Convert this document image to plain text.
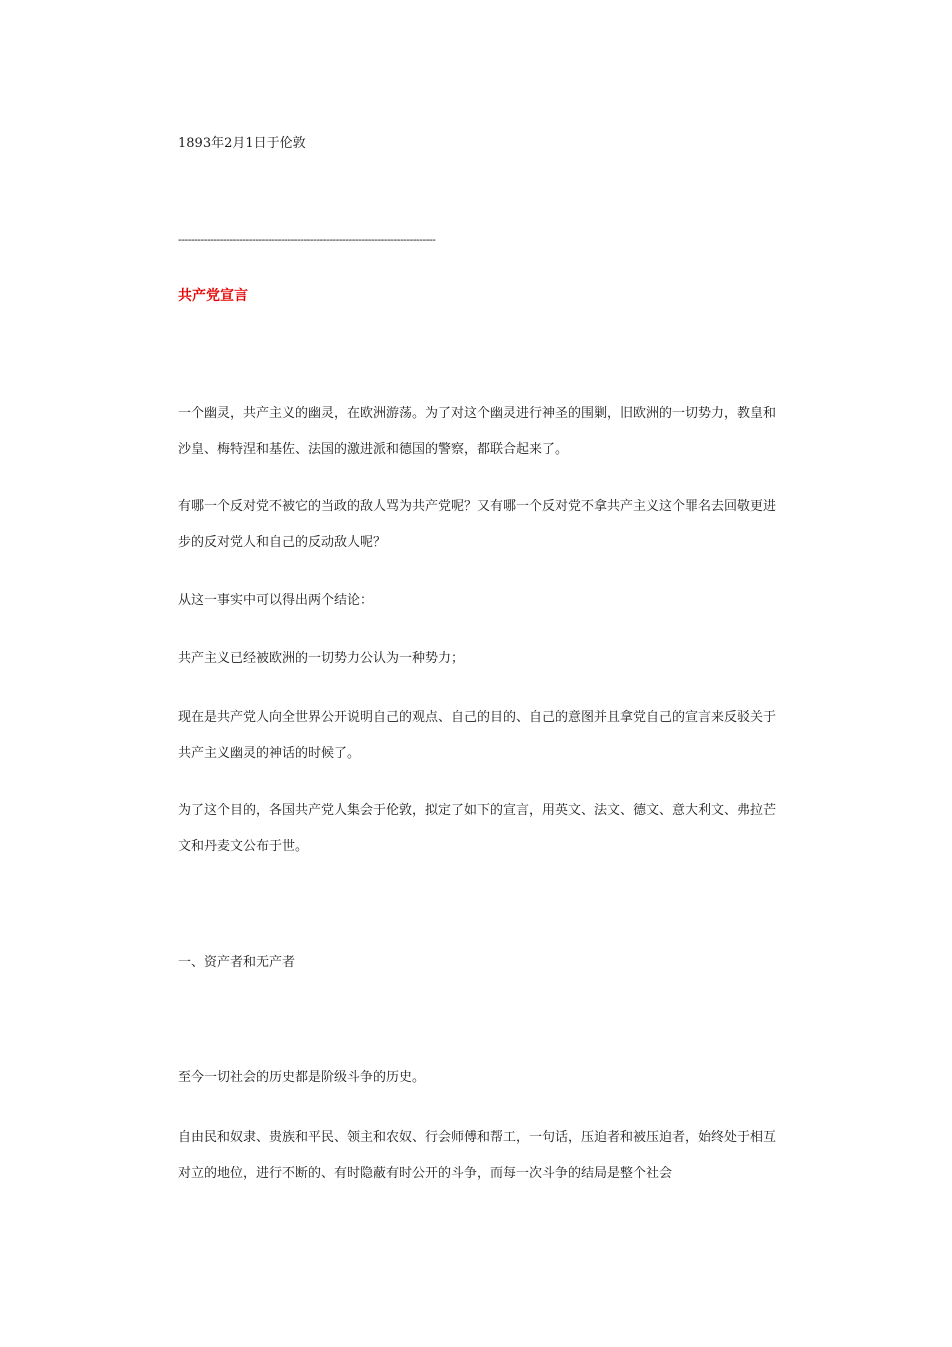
1893年2月1日于伦敦

--------------------------------------------------------------------------------

共产党宣言

一个幽灵，共产主义的幽灵，在欧洲游荡。为了对这个幽灵进行神圣的围剿，旧欧洲的一切势力，教皇和沙皇、梅特涅和基佐、法国的激进派和德国的警察，都联合起来了。

有哪一个反对党不被它的当政的敌人骂为共产党呢？又有哪一个反对党不拿共产主义这个罪名去回敬更进步的反对党人和自己的反动敌人呢？

从这一事实中可以得出两个结论：

共产主义已经被欧洲的一切势力公认为一种势力；

现在是共产党人向全世界公开说明自己的观点、自己的目的、自己的意图并且拿党自己的宣言来反驳关于共产主义幽灵的神话的时候了。

为了这个目的，各国共产党人集会于伦敦，拟定了如下的宣言，用英文、法文、德文、意大利文、弗拉芒文和丹麦文公布于世。

一、资产者和无产者

至今一切社会的历史都是阶级斗争的历史。

自由民和奴隶、贵族和平民、领主和农奴、行会师傅和帮工，一句话，压迫者和被压迫者，始终处于相互对立的地位，进行不断的、有时隐蔽有时公开的斗争，而每一次斗争的结局是整个社会
